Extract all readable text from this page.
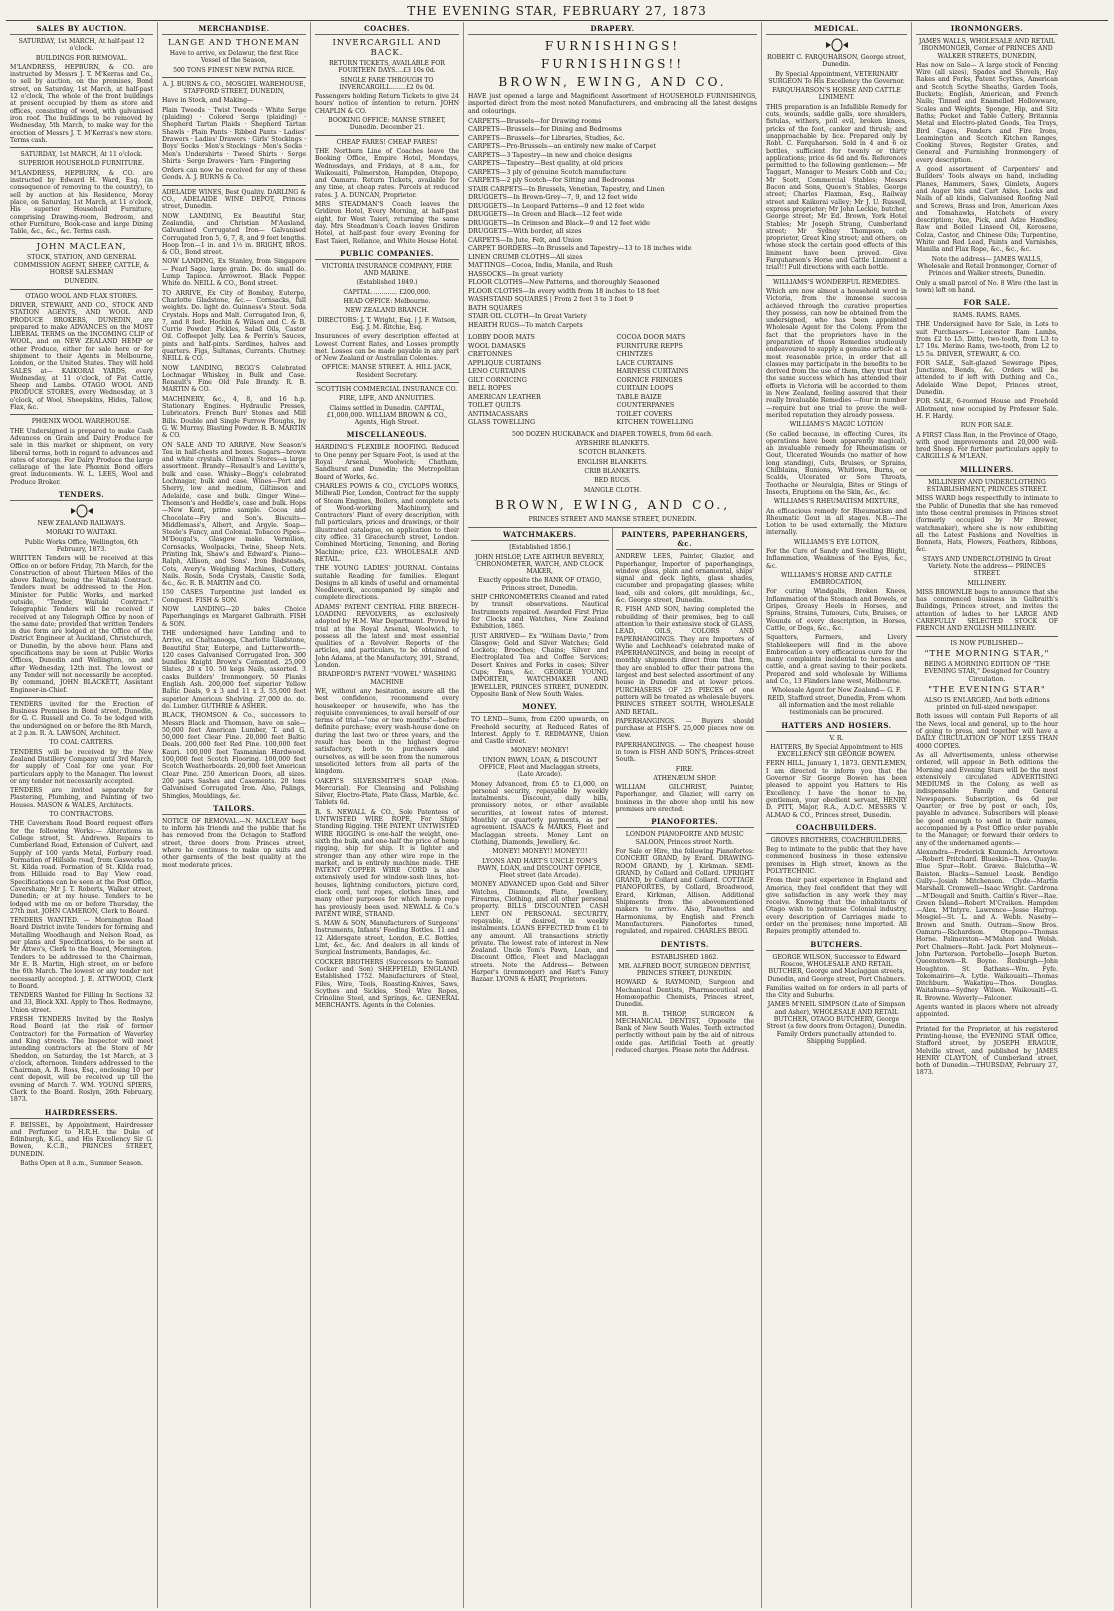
THE EVENING STAR, FEBRUARY 27, 1873
SALES BY AUCTION.

SATURDAY, 1st MARCH, At half-past 12 o'clock.

BUILDINGS FOR REMOVAL.

M'LANDRESS, HEPBURN, & CO. are instructed by Messrs J. T. M'Kerras and Co., to sell by auction, on the premises, Bond street, on Saturday, 1st March, at half-past 12 o'clock, The whole of the front buildings at present occupied by them as store and offices, consisting of wood, with galvanised iron roof. The buildings to be removed by Wednesday, 5th March, to make way for the erection of Messrs J. T. M'Kerras's new store. Terms cash.

SATURDAY, 1st MARCH, At 11 o'clock.

SUPERIOR HOUSEHOLD FURNITURE.

M'LANDRESS, HEPBURN, & CO. are instructed by Edward H. Ward, Esq. (in consequence of removing to the country), to sell by auction at his Residence, Moray place, on Saturday, 1st March, at 11 o'clock, His superior Household Furniture, comprising Drawing-room, Bedroom, and other Furniture, Book-case and large Dining Table, &c., &c., &c. Terms cash.

JOHN MACLEAN,

STOCK, STATION, AND GENERAL COMMISSION AGENT, SHEEP, CATTLE, & HORSE SALESMAN

DUNEDIN.

OTAGO WOOL AND FLAX STORES.

DRIVER, STEWART, AND CO., STOCK AND STATION AGENTS, AND WOOL AND PRODUCE BROKERS, DUNEDIN, are prepared to make ADVANCES on the MOST LIBERAL TERMS on the INCOMING CLIP of WOOL, and on NEW ZEALAND HEMP or other Produce, either for sale here or for shipment to their Agents in Melbourne, London, or the United States. They will hold SALES at— KAIKORAI YARDS, every Wednesday, at 11 o'clock, of Fat Cattle, Sheep and Lambs. OTAGO WOOL AND PRODUCE STORES, every Wednesday, at 3 o'clock, of Wool, Sheepskins, Hides, Tallow, Flax, &c.

PHŒNIX WOOL WAREHOUSE.

THE Undersigned is prepared to make Cash Advances on Grain and Dairy Produce for sale in this market or shipment, on very liberal terms, both in regard to advances and rates of storage. For Dairy Produce the large cellarage of the late Phœnix Bond offers great inducements. W. L. LEES, Wool and Produce Broker.

TENDERS.

NEW ZEALAND RAILWAYS.

MORAKI TO WAITAKI.

Public Works Office, Wellington, 6th February, 1873.

WRITTEN Tenders will be received at this Office on or before Friday, 7th March, for the Construction of about Thirteen Miles of the above Railway, being the Waitaki Contract. Tenders must be addressed to the Hon. Minister for Public Works, and marked outside, "Tender, Waitaki Contract." Telegraphic Tenders will be received if received at any Telegraph Office by noon of the same date; provided that written Tenders in due form are lodged at the Office of the District Engineer at Auckland, Christchurch, or Dunedin, by the above hour. Plans and specifications may be seen at Public Works Offices, Dunedin and Wellington, on and after Wednesday, 12th inst. The lowest or any Tender will not necessarily be accepted. By command, JOHN BLACKETT, Assistant Engineer-in-Chief.

TENDERS invited for the Erection of Business Premises in Bond street, Dunedin, for G. C. Russell and Co. To be lodged with the undersigned on or before the 8th March, at 2 p.m. R. A. LAWSON, Architect.

TO COAL CARTERS.

TENDERS will be received by the New Zealand Distillery Company until 3rd March, for supply of Coal for one year. For particulars apply to the Manager. The lowest or any tender not necessarily accepted.

TENDERS are invited separately for Plastering, Plumbing, and Painting of two Houses. MASON & WALES, Architects.

TO CONTRACTORS.

THE Caversham Road Board request offers for the following Works:— Alterations in College street, St. Andrews. Repairs to Cumberland Road, Extension of Culvert, and Supply of 100 yards Metal, Forbury road. Formation of Hillside road, from Gasworks to St. Kilda road. Formation of St. Kilda road, from Hillside road to Bay View road. Specifications can be seen at the Post Office, Caversham; Mr J. T. Roberts, Walker street, Dunedin; or at my house. Tenders to be lodged with me on or before Thursday, the 27th inst. JOHN CAMERON, Clerk to Board.

TENDERS WANTED. — Mornington Road Board District invite Tenders for forming and Metalling Woodhaugh and Nelson Road, as per plans and Specifications, to be seen at Mr Attwo's, Clerk to the Board, Mornington. Tenders to be addressed to the Chairman, Mr E. B. Martin, High street, on or before the 6th March. The lowest or any tender not necessarily accepted. J. E. ATTWOOD, Clerk to Board.

TENDERS Wanted for Filling In Sections 32 and 33, Block XXI. Apply to Thos. Redmayne, Union street.

FRESH TENDERS Invited by the Roslyn Road Board (at the risk of former Contractor) for the Formation of Waverley and King streets. The Inspector will meet intending contractors at the Store of Mr Sheddon, on Saturday, the 1st March, at 3 o'clock, afternoon. Tenders addressed to the Chairman, A. R. Ross, Esq., enclosing 10 per cent deposit, will be received up till the evening of March 7. WM. YOUNG SPIERS, Clerk to the Board. Roslyn, 26th February, 1873.

HAIRDRESSERS.

F. BEISSEL, by Appointment, Hairdresser and Perfumer to H.R.H. the Duke of Edinburgh, K.G., and His Excellency Sir G. Bowen, K.C.B., PRINCES STREET, DUNEDIN.

Baths Open at 8 a.m., Summer Season.

MERCHANDISE.

LANGE AND THONEMAN

Have to arrive, ex Delawur, the first Rice Vessel of the Season,

500 TONS FINEST NEW PATNA RICE.

A. J. BURNS & CO., MOSGIEL WAREHOUSE, STAFFORD STREET, DUNEDIN,

Have in Stock, and Making—

Plain Tweeds · Twist Tweeds · White Serge (plaiding) · Colored Serge (plaiding) · Shepherd Tartan Plaids · Shepherd Tartan Shawls · Plain Pants · Ribbed Pants · Ladies' Drawers · Ladies' Drawers · Girls' Stockings · Boys' Socks · Men's Stockings · Men's Socks · Men's Undershirts · Tweed Shirts · Serge Shirts · Serge Drawers · Yarn · Fingering

Orders can now be received for any of these Goods. A. J. BURNS & Co.

ADELAIDE WINES, Best Quality. DARLING & CO., ADELAIDE WINE DEPOT, Princes street, Dunedin.

NOW LANDING, Ex Beautiful Star, Zealandia, and Christian M'Ausland, Galvanised Corrugated Iron— Galvanised Corrugated Iron 5, 6, 7, 8, and 9 feet lengths. Hoop Iron—1 in. and 1½ in. BRIGHT, BROS. & CO., Bond street.

NOW LANDING, Ex Stanley, from Singapore— Pearl Sago, large grain. Do. do. small do. Lump Tapioca. Arrowroot. Black Pepper. White do. NEILL & CO., Bond street.

TO ARRIVE, Ex City of Bombay, Euterpe, Charlotte Gladstone, &c.— Cornsacks, full weights. Do. light do. Guinness's Stout. Soda Crystals. Hops and Malt. Corrugated Iron, 6, 7, and 8 feet. Hochin & Wilson and C. & B. Currie Powder. Pickles, Salad Oils, Castor Oil. Coffeepot Jelly. Lea & Perrin's Sauces, pints and half-pints. Sardines, halves and quarters. Figs, Sultanas, Currants. Chutney. NEILL & CO.

NOW LANDING, BEGG'S Celebrated Lochnagar Whiskey, in Bulk and Case. Renault's Fine Old Pale Brandy. R. B. MARTIN & CO.

MACHINERY, &c., 4, 8, and 16 h.p. Stationary Engines. Hydraulic Presses, Lubricators. French Burr Stones and Mill Bills. Double and Single Furrow Ploughs, by G. W. Murray. Blasting Powder. R. B. MARTIN & CO.

ON SALE AND TO ARRIVE. New Season's Tea in half-chests and boxes. Sugars—brown and white crystals. Oilmen's Stores—a large assortment. Brandy—Renault's and Levitte's, bulk and case. Whisky—Begg's celebrated Lochnagar, bulk and case. Wines—Port and Sherry, low and medium, Giltinson and Adelaide, case and bulk. Ginger Wine—Thomson's and Heddle's, case and bulk. Hops—New Kent, prime sample. Cocoa and Chocolate—Fry and Son's. Biscuits—Middlemass's, Albert, and Argyle. Soap—Steele's Fancy, and Colonial. Tobacco Pipes—M'Dougal's, Glasgow make. Vermilion, Cornsacks, Woolpacks, Twine, Sheep Nets. Printing Ink, Shaw's and Edward's. Piano—Ralph, Allison, and Sons'. Iron Bedsteads, Cots, Avery's Weighing Machines, Cutlery, Nails. Rosin, Soda Crystals, Caustic Soda, &c., &c. R. B. MARTIN and CO.

150 CASES Turpentine just landed ex Conquest. FISH & SON.

NOW LANDING—20 bales Choice Paperhangings ex Margaret Galbraith. FISH & SON.

THE undersigned have Landing and to Arrive, ex Chattanooga, Charlotte Gladstone, Beautiful Star, Euterpe, and Lutterworth— 120 cases Galvanised Corrugated Iron. 300 bundles Knight Brown's Cemented. 25,000 Slates, 20 x 10. 50 kegs Nails, assorted. 3 casks Builders' Ironmongery. 50 Planks English Ash. 200,000 feet superior Yellow Baltic Deals, 9 x 3 and 11 x 3. 55,000 feet superior American Shelving. 27,000 do. do. do. Lumber. GUTHRIE & ASHER.

BLACK, THOMSON & Co., successors to Messrs Black and Thomson, have on sale— 50,000 feet American Lumber, T. and G. 50,000 feet Clear Pine. 20,000 feet Baltic Deals. 200,000 feet Red Pine. 100,000 feet Kauri. 100,000 feet Tasmanian Hardwood. 100,000 feet Scotch Flooring. 100,000 feet Scotch Weatherboards. 20,000 feet American Clear Pine. 250 American Doors, all sizes. 200 pairs Sashes and Casements. 20 tons Galvanised Corrugated Iron. Also, Palings, Shingles, Mouldings, &c.

TAILORS.

NOTICE OF REMOVAL.—N. MACLEAY begs to inform his friends and the public that he has removed from the Octagon to Stafford street, three doors from Princes street, where he continues to make up suits and other garments of the best quality at the most moderate prices.

COACHES.

INVERCARGILL AND BACK.

RETURN TICKETS, AVAILABLE FOR FOURTEEN DAYS....£3 10s 0d.

SINGLE FARE THROUGH TO INVERCARGILL........£2 0s 0d.

Passengers holding Return Tickets to give 24 hours' notice of intention to return. JOHN CHAPLIN & CO.

BOOKING OFFICE: MANSE STREET, Dunedin. December 21.

CHEAP FARES! CHEAP FARES!

THE Northern Line of Coaches leave the Booking Office, Empire Hotel, Mondays, Wednesdays, and Fridays, at 8 a.m., for Waikouaiti, Palmerston, Hampden, Otepopo, and Oamaru. Return Tickets, available for any time, at cheap rates. Parcels at reduced rates. J. A. DUNCAN, Proprietor.

MRS STEADMAN'S Coach leaves the Gridiron Hotel, Every Morning, at half-past eight, for West Taieri, returning the same day. Mrs Steadman's Coach leaves Gridiron Hotel, at half-past four every Evening for East Taieri, Reliance, and White House Hotel.

PUBLIC COMPANIES.

VICTORIA INSURANCE COMPANY, FIRE AND MARINE.

(Established 1849.)

CAPITAL ............ £200,000.

HEAD OFFICE: Melbourne.

NEW ZEALAND BRANCH.

DIRECTORS: J. T. Wright, Esq. | J. F. Watson, Esq. J. M. Ritchie, Esq.

Insurances of every description effected at Lowest Current Rates, and Losses promptly met. Losses can be made payable in any part of New Zealand or Australian Colonies.

OFFICE: MANSE STREET. A. HILL JACK, Resident Secretary.

SCOTTISH COMMERCIAL INSURANCE CO.

FIRE, LIFE, AND ANNUITIES.

Claims settled in Dunedin. CAPITAL, £1,000,000. WILLIAM BROWN & CO., Agents, High Street.

MISCELLANEOUS.

HARDING'S FLEXIBLE ROOFING. Reduced to One penny per Square Foot, is used at the Royal Arsenal, Woolwich; Chatham, Sandhurst and Dunedin; the Metropolitan Board of Works, &c.

CHARLES POWIS & CO., CYCLOPS WORKS, Millwall Pier, London, Contract for the supply of Steam Engines, Boilers, and complete sets of Wood-working Machinery, and Contractors' Plant of every description, with full particulars, prices and drawings, or their illustrated catalogue, on application to their city office. 31 Gracechurch street, London. Combined Morticing, Tenoning, and Boring Machine; price, £23. WHOLESALE AND RETAIL.

THE YOUNG LADIES' JOURNAL Contains suitable Reading for families. Elegant Designs in all kinds of useful and ornamental Needlework, accompanied by simple and complete directions.

ADAMS' PATENT CENTRAL FIRE BREECH-LOADING REVOLVERS, as exclusively adopted by H.M. War Department. Proved by trial at the Royal Arsenal, Woolwich, to possess all the latest and most essential qualities of a Revolver. Reports of the articles, and particulars, to be obtained of John Adams, at the Manufactory, 391, Strand, London.

BRADFORD'S PATENT "VOWEL" WASHING MACHINE

WE, without any hesitation, assure all the best confidence, recommend every housekeeper or housewife, who has the requisite conveniences, to avail herself of our terms of trial—"one or two months"—before definite purchase; every wash-house done on during the last two or three years, and the result has been in the highest degree satisfactory, both to purchasers and ourselves, as will be seen from the numerous unsolicited letters from all parts of the kingdom.

OAKEY'S SILVERSMITH'S SOAP (Non-Mercurial). For Cleansing and Polishing Silver, Electro-Plate, Plate Glass, Marble, &c. Tablets 6d.

R. S. NEWALL & CO., Sole Patentees of UNTWISTED WIRE ROPE, For Ships' Standing Rigging. THE PATENT UNTWISTED WIRE RIGGING is one-half the weight, one-sixth the bulk, and one-half the price of hemp rigging, ship for ship. It is lighter and stronger than any other wire rope in the market, and is entirely machine made. THE PATENT COPPER WIRE CORD is also extensively used for window-sash lines, hot-houses, lightning conductors, picture cord, clock cord, tent ropes, clothes lines, and many other purposes for which hemp rope has previously been used. NEWALL & Co.'s PATENT WIRE, STRAND.

S. MAW & SON, Manufacturers of Surgeons' Instruments, Infants' Feeding Bottles. 11 and 12 Aldersgate street, London, E.C. Bottles, Lint, &c., &c. And dealers in all kinds of Surgical Instruments, Bandages, &c.

COCKER BROTHERS (Successors to Samuel Cocker and Son) SHEFFIELD, ENGLAND. Established 1752. Manufacturers of Steel, Files, Wire, Tools, Roasting-Knives, Saws, Scythes and Sickles, Steel Wire Ropes, Crinoline Steel, and Springs, &c. GENERAL MERCHANTS. Agents in the Colonies.

DRAPERY.

FURNISHINGS!

FURNISHINGS!!

BROWN, EWING, AND CO.

HAVE just opened a large and Magnificent Assortment of HOUSEHOLD FURNISHINGS, imported direct from the most noted Manufacturers, and embracing all the latest designs and colourings.

CARPETS—Brussels—for Drawing rooms
CARPETS—Brussels—for Dining and Bedrooms
CARPETS—Brussels—for Libraries, Studies, &c.
CARPETS—Pro-Brussels—an entirely new make of Carpet
CARPETS—3 Tapestry—in new and choice designs
CARPETS—Tapestry—Best quality, at old prices
CARPETS—3 ply of genuine Scotch manufacture
CARPETS—2 ply Scotch—for Sitting and Bedrooms
STAIR CARPETS—In Brussels, Venetian, Tapestry, and Linen
DRUGGETS—In Brown-Grey—7, 9, and 12 feet wide
DRUGGETS—In Leopard Patterns—9 and 12 feet wide
DRUGGETS—In Green and Black—12 feet wide
DRUGGETS—In Crimson and Black—9 and 12 feet wide
DRUGGETS—With border, all sizes
CARPETS—In Jute, Felt, and Union
CARPET BORDERS—In Brussels and Tapestry—13 to 18 inches wide
LINEN CRUMB CLOTHS—All sizes
MATTINGS—Cocoa, India, Manila, and Rush
HASSOCKS—In great variety
FLOOR CLOTHS—New Patterns, and thoroughly Seasoned
FLOOR CLOTHS—In every width from 18 inches to 18 feet
WASHSTAND SQUARES | From 2 feet 3 to 3 feet 9
BATH SQUARES
STAIR OIL CLOTH—In Great Variety
HEARTH RUGS—To match Carpets
LOBBY DOOR MATS	COCOA DOOR MATS
WOOL DAMASKS	FURNITURE REPPS
CRETONNES	CHINTZES
APPLIQUE CURTAINS	LACE CURTAINS
LENO CURTAINS	HARNESS CURTAINS
GILT CORNICING	CORNICE FRINGES
BELL ROPES	CURTAIN LOOPS
AMERICAN LEATHER	TABLE BAIZE
TOILET QUILTS	COUNTERPANES
ANTIMACASSARS	TOILET COVERS
GLASS TOWELLING	KITCHEN TOWELLING

500 DOZEN HUCKABACK and DIAPER TOWELS, from 6d each.

AYRSHIRE BLANKETS.

SCOTCH BLANKETS.

ENGLISH BLANKETS.

CRIB BLANKETS.

BED RUGS.

MANGLE CLOTH.

BROWN, EWING, AND CO.,

PRINCES STREET AND MANSE STREET, DUNEDIN.

WATCHMAKERS.

[Established 1856.]

JOHN HISLOP, LATE ARTHUR BEVERLY, CHRONOMETER, WATCH, AND CLOCK MAKER,

Exactly opposite the BANK OF OTAGO, Princes street, Dunedin.

SHIP CHRONOMETERS Cleaned and rated by transit observations. Nautical Instruments repaired. Awarded First Prize for Clocks and Watches, New Zealand Exhibition, 1865.

JUST ARRIVED— Ex "William Davie," from Glasgow; Gold and Silver Watches; Gold Lockets; Brooches; Chains; Silver and Electroplated Tea and Coffee Services; Desert Knives and Forks in cases; Silver Cups; Fans, &c. GEORGE YOUNG, IMPORTER, WATCHMAKER AND JEWELLER, PRINCES STREET, DUNEDIN. Opposite Bank of New South Wales.

MONEY.

TO LEND—Sums, from £200 upwards, on Freehold security, at Reduced Rates of Interest. Apply to T. REDMAYNE, Union and Castle street.

MONEY! MONEY!

UNION PAWN, LOAN, & DISCOUNT OFFICE, Fleet and Maclaggan streets, (Late Arcade).

Money Advanced, from £5 to £1,000, on personal security, repayable by weekly instalments. Discount, daily bills, promissory notes, or other available securities, at lowest rates of interest. Monthly or quarterly payments, as per agreement. ISAACS & MARKS, Fleet and Maclaggan streets. Money Lent on Clothing, Diamonds, Jewellery, &c.

MONEY! MONEY!! MONEY!!!

LYONS AND HART'S UNCLE TOM'S PAWN, LOAN, and DISCOUNT OFFICE, Fleet street (late Arcade).

MONEY ADVANCED upon Gold and Silver Watches, Diamonds, Plate, Jewellery, Firearms, Clothing, and all other personal property. BILLS DISCOUNTED. CASH LENT ON PERSONAL SECURITY, repayable, if desired, in weekly instalments. LOANS EFFECTED from £1 to any amount. All transactions strictly private. The lowest rate of interest in New Zealand. Uncle Tom's Pawn, Loan, and Discount Office, Fleet and Maclaggan streets. Note the Address— Between Harper's (ironmonger) and Hart's Fancy Bazaar. LYONS & HART, Proprietors.

PAINTERS, PAPERHANGERS, &c.

ANDREW LEES, Painter, Glazier, and Paperhanger, Importer of paperhangings, window glass, plain and ornamental, ships' signal and deck lights, glass shades, cucumber and propagating glasses; white lead, oils and colors, gilt mouldings, &c., &c. George street, Dunedin.

R. FISH AND SON, having completed the rebuilding of their premises, beg to call attention to their extensive stock of GLASS, LEAD, OILS, COLORS AND PAPERHANGINGS. They are Importers of Wylie and Lochhead's celebrated make of PAPERHANGINGS, and being in receipt of monthly shipments direct from that firm, they are enabled to offer their patrons the largest and best selected assortment of any house in Dunedin and at lower prices. PURCHASERS OF 25 PIECES of one pattern will be treated as wholesale buyers. PRINCES STREET SOUTH, WHOLESALE AND RETAIL.

PAPERHANGINGS. — Buyers should purchase at FISH'S. 25,000 pieces now on view.

PAPERHANGINGS. — The cheapest house in town is FISH AND SON'S, Princes-street South.

FIRE.

ATHENÆUM SHOP.

WILLIAM GILCHRIST, Painter, Paperhanger, and Glazier, will carry on business in the above shop until his new premises are erected.

PIANOFORTES.

LONDON PIANOFORTE AND MUSIC SALOON, Princes street North.

For Sale or Hire, the following Pianofortes: CONCERT GRAND, by Erard. DRAWING-ROOM GRAND, by J. Kirkman. SEMI-GRAND, by Collard and Collard. UPRIGHT GRAND, by Collard and Collard. COTTAGE PIANOFORTES, by Collard, Broadwood, Erard, Kirkman, Allison. Additional Shipments from the abovementioned makers to arrive. Also, Pianettes and Harmoniums, by English and French Manufacturers. Pianofortes tuned, regulated, and repaired. CHARLES BEGG.

DENTISTS.

ESTABLISHED 1862.

MR. ALFRED BOOT, SURGEON DENTIST, PRINCES STREET, DUNEDIN.

HOWARD & RAYMOND, Surgeon and Mechanical Dentists, Pharmaceutical and Homœopathic Chemists, Princes street, Dunedin.

MR. B. THROP, SURGEON & MECHANICAL DENTIST, Opposite the Bank of New South Wales. Teeth extracted perfectly without pain by the aid of nitrous oxide gas. Artificial Teeth at greatly reduced charges. Please note the Address.

MEDICAL.

ROBERT C. FARQUHARSON, George street, Dunedin.

By Special Appointment, VETERINARY SURGEON To His Excellency the Governor.

FARQUHARSON'S HORSE AND CATTLE LINIMENT.

THIS preparation is an Infallible Remedy for cuts, wounds, saddle galls, sore shoulders, fistulas, withers, poll evil, broken knees, pricks of the foot, canker and thrush; and unapproachable by lice. Prepared only by Robt. C. Farquharson. Sold in 4 and 6 oz bottles, sufficient for twenty or thirty applications; price 4s 6d and 6s. References permitted to the following gentlemen:— Mr Taggart, Manager to Messrs Cobb and Co.; Mr Scott, Commercial Stables; Messrs Bacon and Sons, Queen's Stables, George street; Charles Flaxman, Esq., Railway street and Kaikorai valley; Mr J. U. Russell, express proprietor; Mr John Leckie, butcher, George street; Mr Ed. Brown, York Hotel Stables; Mr Joseph Strang, Cumberland street; Mr Sydney Thompson, cab proprietor, Great King street; and others, on whose stock the certain good effects of this liniment have been proved. Give Farquharson's Horse and Cattle Liniment a trial!!! Full directions with each bottle.

WILLIAMS'S WONDERFUL REMEDIES.

Which are now almost a household word in Victoria, from the immense success achieved through the curative properties they possess, can now be obtained from the undersigned, who has been appointed Wholesale Agent for the Colony. From the fact that the proprietors have in the preparation of those Remedies studiously endeavoured to supply a genuine article at a most reasonable price, in order that all classes may participate in the benefits to be derived from the use of them, they trust that the same success which has attended their efforts in Victoria will be accorded to them in New Zealand, feeling assured that their really Invaluable Remedies —four in number—require but one trial to prove the well-merited reputation they already possess.

WILLIAMS'S MAGIC LOTION

(So called because, in effecting Cures, its operations have been apparently magical), an invaluable remedy for Rheumatism or Gout, Ulcerated Wounds (no matter of how long standing), Cuts, Bruises, or Sprains, Chilblains, Bunions, Whitlows, Burns, or Scalds, Ulcerated or Sore Throats, Toothache or Neuralgia, Bites or Stings of Insects, Eruptions on the Skin, &c., &c.

WILLIAMS'S RHEUMATISM MIXTURE,

An efficacious remedy for Rheumatism and Rheumatic Gout in all stages. N.B.—The Lotion to be used externally, the Mixture internally.

WILLIAMS'S EYE LOTION,

For the Cure of Sandy and Swelling Blight, Inflammation, Weakness of the Eyes, &c., &c.

WILLIAMS'S HORSE AND CATTLE EMBROCATION,

For curing Windgalls, Broken Knees, Inflammation of the Stomach and Bowels, or Gripes, Greasy Heels in Horses, and Sprains, Strains, Tumours, Cuts, Bruises, or Wounds of every description, in Horses, Cattle, or Dogs, &c., &c.

Squatters, Farmers, and Livery Stablekeepers will find in the above Embrocation a very efficacious cure for the many complaints incidental to horses and cattle, and a great saving to their pockets. Prepared and sold wholesale by Williams and Co., 13 Flinders lane west, Melbourne.

Wholesale Agent for New Zealand— G. F. REID, Stafford street, Dunedin, From whom all information and the most reliable testimonials can be procured.

HATTERS AND HOSIERS.

V. R.

HATTERS, By Special Appointment to HIS EXCELLENCY SIR GEORGE BOWEN.

FERN HILL, January 1, 1873. GENTLEMEN, I am directed to inform you that the Governor Sir George Bowen has been pleased to appoint you Hatters to His Excellency. I have the honor to be, gentlemen, your obedient servant, HENRY D. PITT, Major, R.A., A.D.C. MESSRS V. ALMAO & CO., Princes street, Dunedin.

COACHBUILDERS.

GROVES BROTHERS, COACHBUILDERS,

Beg to intimate to the public that they have commenced business in those extensive premises in High street, known as the POLYTECHNIC.

From their past experience in England and America, they feel confident that they will give satisfaction in any work they may receive. Knowing that the inhabitants of Otago wish to patronise Colonial industry, every description of Carriages made to order on the premises; none imported. All Repairs promptly attended to.

BUTCHERS.

GEORGE WILSON, Successor to Edward Roscoe, WHOLESALE AND RETAIL BUTCHER, George and Maclaggan streets, Dunedin, and George street, Port Chalmers.

Families waited on for orders in all parts of the City and Suburbs.

JAMES M'NEIL SIMPSON (Late of Simpson and Asher), WHOLESALE AND RETAIL BUTCHER, OTAGO BUTCHERY, George Street (a few doors from Octagon), Dunedin. Family Orders punctually attended to. Shipping Supplied.

IRONMONGERS.

JAMES WALLS, WHOLESALE AND RETAIL IRONMONGER, Corner of PRINCES AND WALKER STREETS, DUNEDIN,

Has now on Sale— A large stock of Fencing Wire (all sizes), Spades and Shovels, Hay Rakes and Forks, Patent Scythes, American and Scotch Scythe Sheaths, Garden Tools, Buckets; English, American, and French Nails; Tinned and Enamelled Hollowware, Scales and Weights; Sponge, Hip, and Sitz Baths; Pocket and Table Cutlery, Britannia Metal and Electro-plated Goods, Tea Trays, Bird Cages, Fenders and Fire Irons, Leamington and Scotch Kitchen Ranges, Cooking Stoves, Register Grates, and General and Furnishing Ironmongery of every description.

A good assortment of Carpenters' and Builders' Tools always on hand, including Planes, Hammers, Saws, Gimlets, Augers and Auger bits and Cart Axles, Locks and Nails of all kinds, Galvanised Roofing Nail and Screws, Brass and Iron, American Axes and Tomahawks, Hatchets of every description; Axe, Pick, and Adze Handles; Raw and Boiled Linseed Oil, Kerosene, Colza, Castor, and Chinese Oils; Turpentine, White and Red Lead, Paints and Varnishes, Manilla and Flax Rope, &c., &c., &c.

Note the address— JAMES WALLS, Wholesale and Retail Ironmonger, Corner of Princes and Walker streets, Dunedin.

Only a small parcel of No. 8 Wire (the last in town) left on hand.

FOR SALE.

RAMS. RAMS. RAMS.

THE Undersigned have for Sale, in Lots to suit Purchasers— Leicester Ram Lambs, from £2 to L5. Ditto, two-tooth, from L3 to L7 10s. Merino Rams, two-tooth, from L2 to L5 5s. DRIVER, STEWART, & CO.

FOR SALE, Salt-glazed Sewerage Pipes, Junctions, Bends, &c. Orders will be attended to if left with Duthing and Co., Adelaide Wine Depot, Princes street, Dunedin.

FOR SALE, 6-roomed House and Freehold Allotment, now occupied by Professor Sale. H. F. Hardy.

RUN FOR SALE.

A FIRST Class Run, in the Province of Otago, with good improvements and 20,000 well-bred Sheep. For further particulars apply to CARGILLS & M'LEAN.

MILLINERS.

MILLINERY AND UNDERCLOTHING ESTABLISHMENT, PRINCES STREET.

MISS WARD begs respectfully to intimate to the Public of Dunedin that she has removed into those central premises in Princes street (formerly occupied by Mr Brewer, watchmaker), where she is now exhibiting all the Latest Fashions and Novelties in Bonnets, Hats, Flowers, Feathers, Ribbons, &c.

STAYS AND UNDERCLOTHING In Great Variety. Note the address— PRINCES STREET.

MILLINERY.

MISS BROWNLIE begs to announce that she has commenced business in Galbraith's Buildings, Princes street, and invites the attention of ladies to her LARGE AND CAREFULLY SELECTED STOCK OF FRENCH AND ENGLISH MILLINERY.

IS NOW PUBLISHED—

"THE MORNING STAR,"

BEING A MORNING EDITION OF "THE EVENING STAR," Designed for Country Circulation.

"THE EVENING STAR"

ALSO IS ENLARGED, And both editions printed on full-sized newspaper.

Both issues will contain Full Reports of all the News, local and general, up to the hour of going to press, and together will have a DAILY CIRCULATION OF NOT LESS THAN 4000 COPIES.

As all Advertisements, unless otherwise ordered, will appear in Both editions the Morning and Evening Stars will be the most extensively circulated ADVERTISING MEDIUMS in the Colony, as well as indispensable Family and General Newspapers. Subscription, 6s 6d per Quarter; or free by post or each, 10s, payable in advance. Subscribers will please be good enough to send in their names, accompanied by a Post Office order payable to the Manager; or forward their orders to any of the undernamed agents:—

Alexandra—Frederick Kummich. Arrowtown—Robert Pritchard. Blueskin—Thos. Quayle. Blue Spur—Robt. Græve. Balclutha—W. Baiston. Blacks—Samuel Leask. Bendigo Gully—Josiah Mitchenson. Clyde—Martin Marshall. Cromwell—Isaac Wright. Cardrona—M'Dougall and Smith. Caitlin's River—Rae. Green Island—Robert M'Craiken. Hampden—Alex. M'Intyre. Lawrence—Jesse Harrop. Mosgiel—St. L. and A. Webb. Naseby—Brown and Smith. Outram—Snow Bros. Oamaru—Richardson. Otepopo—Thomas Horne. Palmerston—M'Mahon and Welsh. Port Chalmers—Robt. Jack. Port Molyneux—John Parterson. Portobello—Joseph Burton. Queenstown—R. Boyne. Roxburgh—John Houghton. St. Bathans—Wm. Fyfe. Tokomairiro—A. Lytle. Waikouaiti—Thomas Ditchburn. Wakatipu—Thos. Douglas. Waitahuna—Sydney Wilson. Waikouaiti—G. R. Browne. Waverly—Falconer.

Agents wanted in places where not already appointed.

Printed for the Proprietor, at his registered Printing-house, the EVENING STAR Office, Stafford street, by JOSEPH ERAGUE, Melville street, and published by JAMES HENRY CLAYTON, of Cumberland street, both of Dunedin.—THURSDAY, February 27, 1873.
